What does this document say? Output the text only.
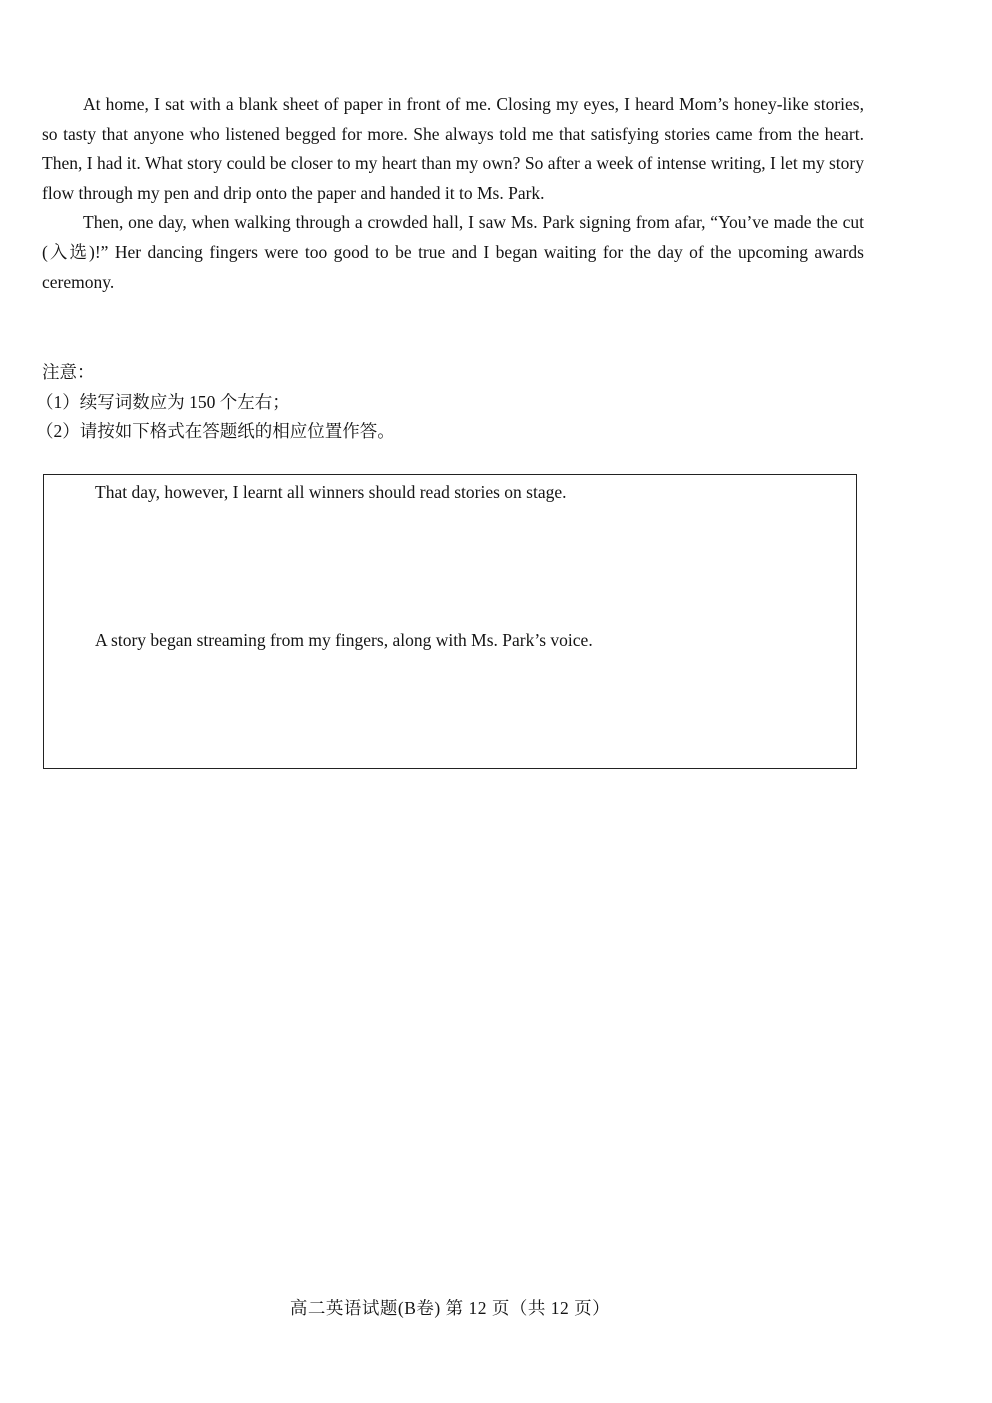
At home, I sat with a blank sheet of paper in front of me. Closing my eyes, I heard Mom’s honey-like stories, so tasty that anyone who listened begged for more. She always told me that satisfying stories came from the heart. Then, I had it. What story could be closer to my heart than my own? So after a week of intense writing, I let my story flow through my pen and drip onto the paper and handed it to Ms. Park.

Then, one day, when walking through a crowded hall, I saw Ms. Park signing from afar, “You’ve made the cut (入选)!” Her dancing fingers were too good to be true and I began waiting for the day of the upcoming awards ceremony.

注意：
（1）续写词数应为 150 个左右；
（2）请按如下格式在答题纸的相应位置作答。
That day, however, I learnt all winners should read stories on stage.
A story began streaming from my fingers, along with Ms. Park’s voice.
高二英语试题(B卷) 第 12 页（共 12 页）
